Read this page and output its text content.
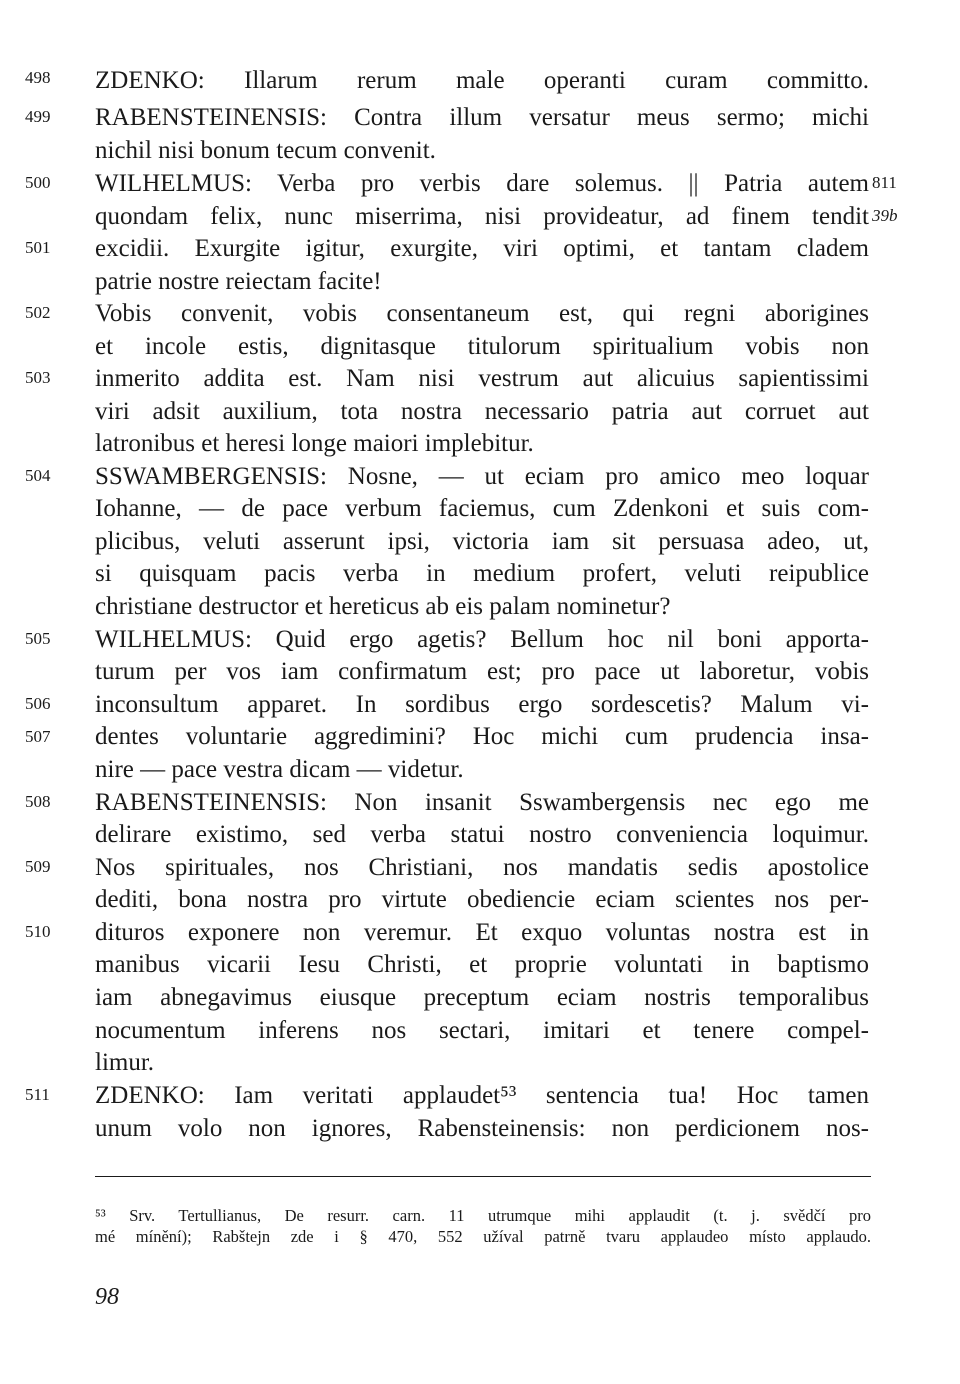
498
499
500
501
502
503
504
505
506
507
508
509
510
511
811
39b
ZDENKO: Illarum rerum male operanti curam committo.
RABENSTEINENSIS: Contra illum versatur meus sermo; michi
nichil nisi bonum tecum convenit.
WILHELMUS: Verba pro verbis dare solemus. || Patria autem
quondam felix, nunc miserrima, nisi provideatur, ad finem tendit
excidii. Exurgite igitur, exurgite, viri optimi, et tantam cladem
patrie nostre reiectam facite!
Vobis convenit, vobis consentaneum est, qui regni aborigines
et incole estis, dignitasque titulorum spiritualium vobis non
inmerito addita est. Nam nisi vestrum aut alicuius sapientissimi
viri adsit auxilium, tota nostra necessario patria aut corruet aut
latronibus et heresi longe maiori implebitur.
SSWAMBERGENSIS: Nosne, — ut eciam pro amico meo loquar
Iohanne, — de pace verbum faciemus, cum Zdenkoni et suis com-
plicibus, veluti asserunt ipsi, victoria iam sit persuasa adeo, ut,
si quisquam pacis verba in medium profert, veluti reipublice
christiane destructor et hereticus ab eis palam nominetur?
WILHELMUS: Quid ergo agetis? Bellum hoc nil boni apporta-
turum per vos iam confirmatum est; pro pace ut laboretur, vobis
inconsultum apparet. In sordibus ergo sordescetis? Malum vi-
dentes voluntarie aggredimini? Hoc michi cum prudencia insa-
nire — pace vestra dicam — videtur.
RABENSTEINENSIS: Non insanit Sswambergensis nec ego me
delirare existimo, sed verba statui nostro conveniencia loquimur.
Nos spirituales, nos Christiani, nos mandatis sedis apostolice
dediti, bona nostra pro virtute obediencie eciam scientes nos per-
dituros exponere non veremur. Et exquo voluntas nostra est in
manibus vicarii Iesu Christi, et proprie voluntati in baptismo
iam abnegavimus eiusque preceptum eciam nostris temporalibus
nocumentum inferens nos sectari, imitari et tenere compel-
limur.
ZDENKO: Iam veritati applaudet⁵³ sentencia tua! Hoc tamen
unum volo non ignores, Rabensteinensis: non perdicionem nos-
⁵³ Srv. Tertullianus, De resurr. carn. 11 utrumque mihi applaudit (t. j. svědčí pro
mé mínění); Rabštejn zde i § 470, 552 užíval patrně tvaru applaudeo místo applaudo.
98
